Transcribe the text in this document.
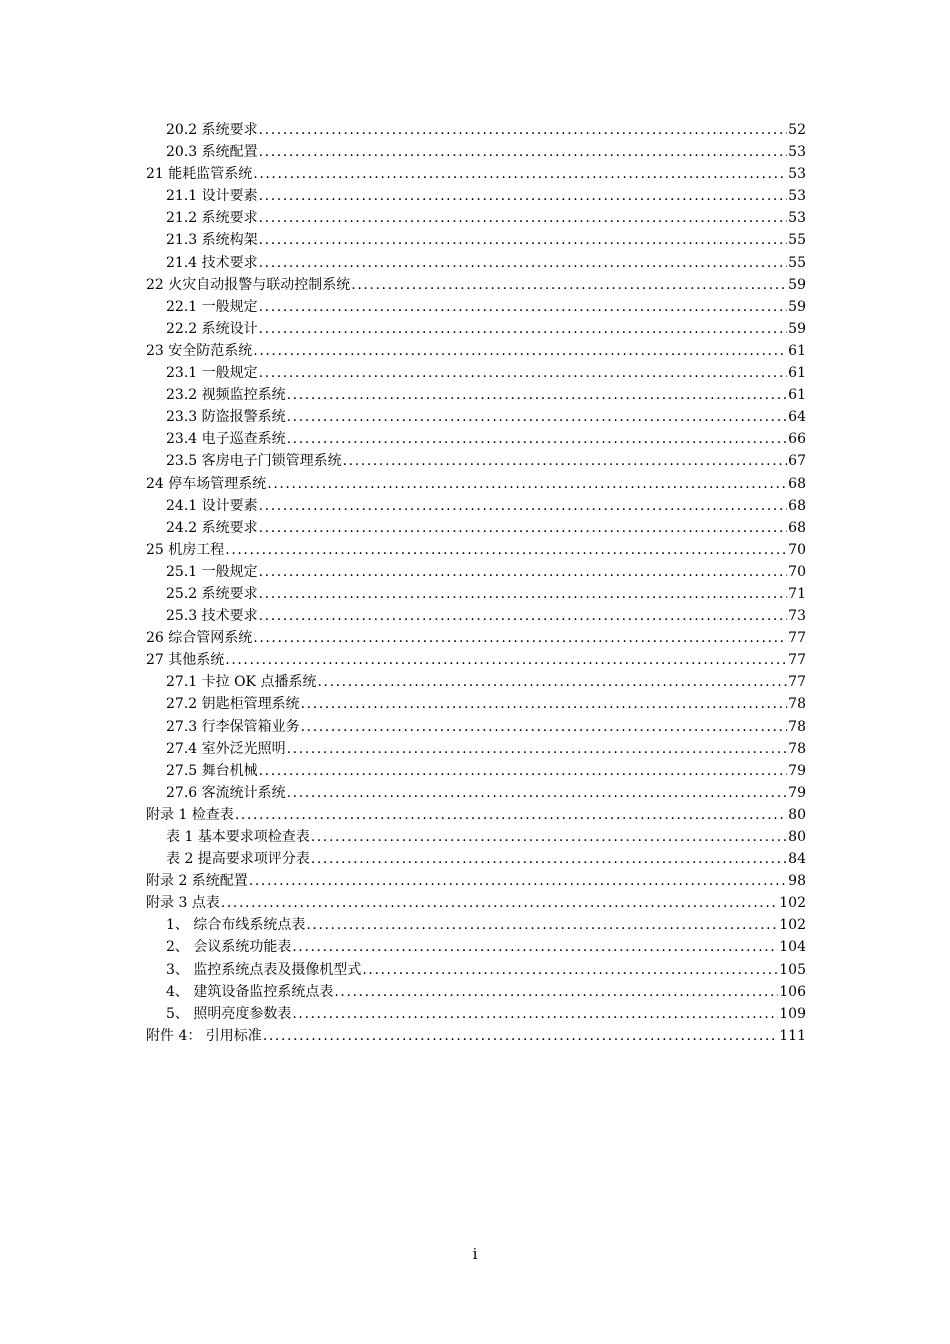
20.2 系统要求 .....	52
20.3 系统配置 .....	53
21 能耗监管系统 .....	53
21.1 设计要素 .....	53
21.2 系统要求 .....	53
21.3 系统构架 .....	55
21.4 技术要求 .....	55
22 火灾自动报警与联动控制系统 .....	59
22.1 一般规定 .....	59
22.2 系统设计 .....	59
23 安全防范系统 .....	61
23.1 一般规定 .....	61
23.2 视频监控系统 .....	61
23.3 防盗报警系统 .....	64
23.4 电子巡查系统 .....	66
23.5 客房电子门锁管理系统 .....	67
24 停车场管理系统 .....	68
24.1 设计要素 .....	68
24.2 系统要求 .....	68
25 机房工程 .....	70
25.1 一般规定 .....	70
25.2 系统要求 .....	71
25.3 技术要求 .....	73
26 综合管网系统 .....	77
27 其他系统 .....	77
27.1 卡拉 OK 点播系统 .....	77
27.2 钥匙柜管理系统 .....	78
27.3 行李保管箱业务 .....	78
27.4 室外泛光照明 .....	78
27.5 舞台机械 .....	79
27.6 客流统计系统 .....	79
附录 1 检查表 .....	80
表 1 基本要求项检查表 .....	80
表 2 提高要求项评分表 .....	84
附录 2 系统配置 .....	98
附录 3 点表 .....	102
1、 综合布线系统点表 .....	102
2、 会议系统功能表 .....	104
3、 监控系统点表及摄像机型式 .....	105
4、 建筑设备监控系统点表 .....	106
5、 照明亮度参数表 .....	109
附件 4： 引用标准 .....	111
i
